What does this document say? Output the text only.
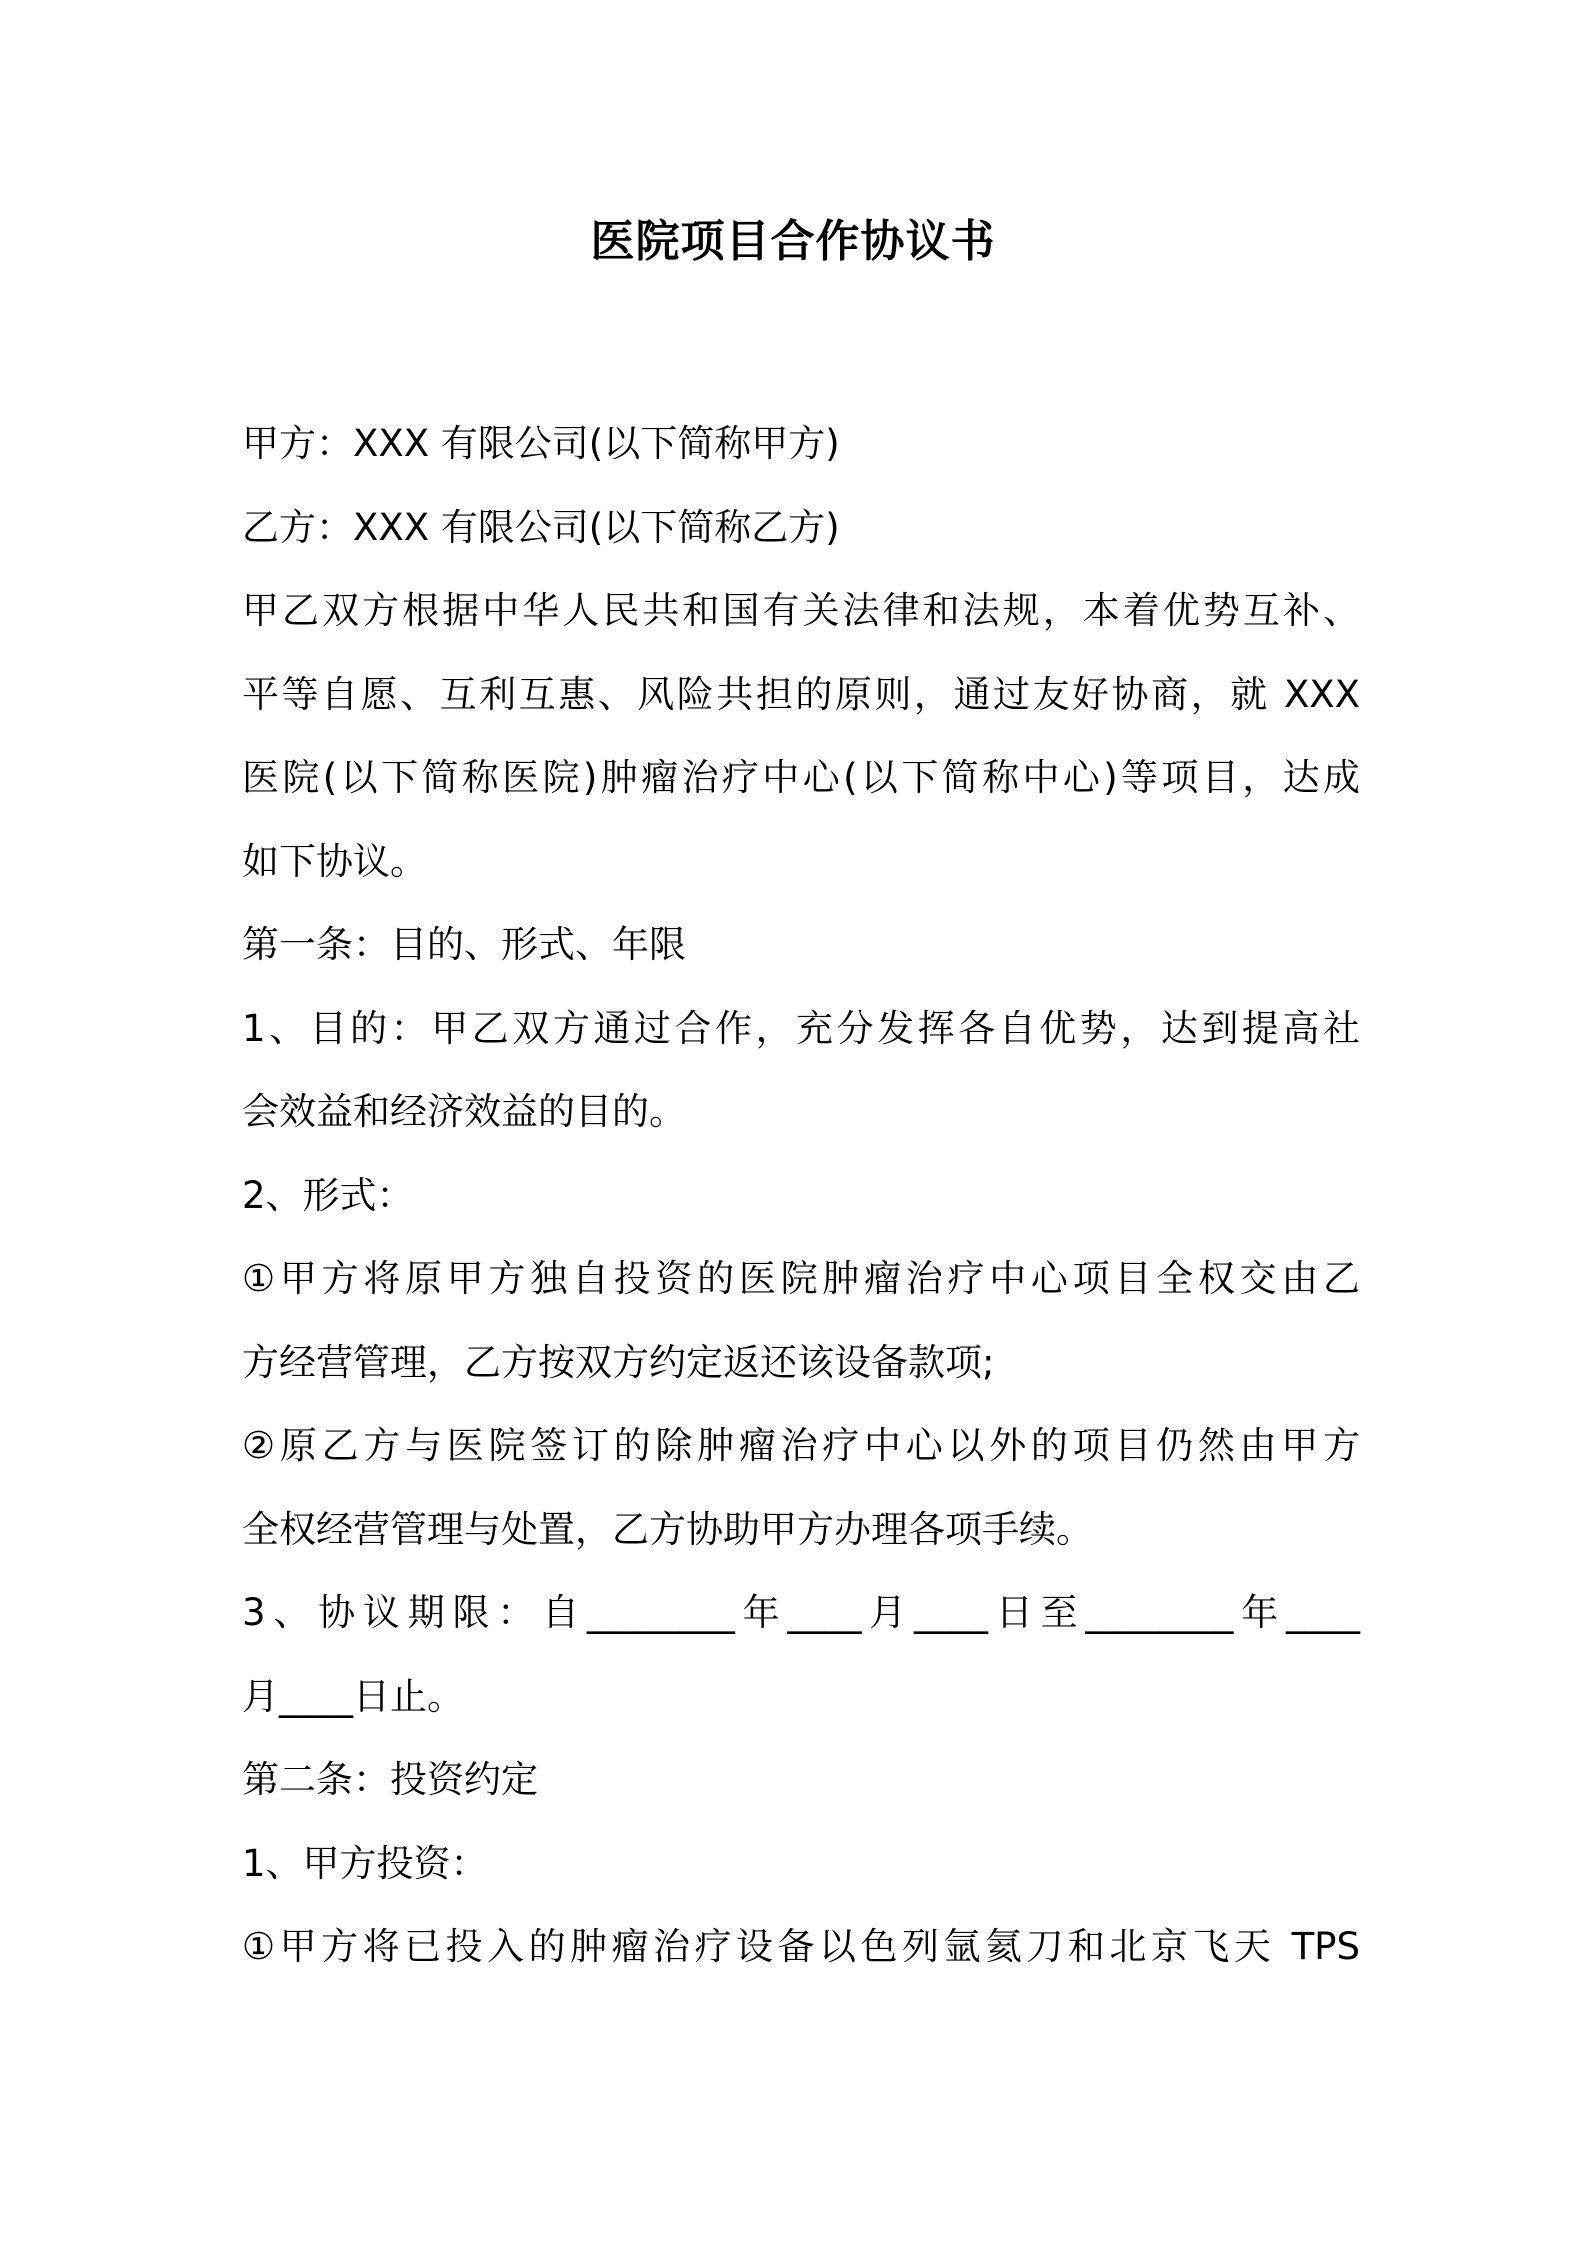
医院项目合作协议书
甲方：XXX 有限公司(以下简称甲方)
乙方：XXX 有限公司(以下简称乙方)
甲乙双方根据中华人民共和国有关法律和法规，本着优势互补、
平等自愿、互利互惠、风险共担的原则，通过友好协商，就 XXX
医院(以下简称医院)肿瘤治疗中心(以下简称中心)等项目，达成
如下协议。
第一条：目的、形式、年限
1、目的：甲乙双方通过合作，充分发挥各自优势，达到提高社
会效益和经济效益的目的。
2、形式：
①甲方将原甲方独自投资的医院肿瘤治疗中心项目全权交由乙
方经营管理，乙方按双方约定返还该设备款项;
②原乙方与医院签订的除肿瘤治疗中心以外的项目仍然由甲方
全权经营管理与处置，乙方协助甲方办理各项手续。
3、协议期限：自________年____月____日至________年____
月____日止。
第二条：投资约定
1、甲方投资：
①甲方将已投入的肿瘤治疗设备以色列氩氦刀和北京飞天 TPS
